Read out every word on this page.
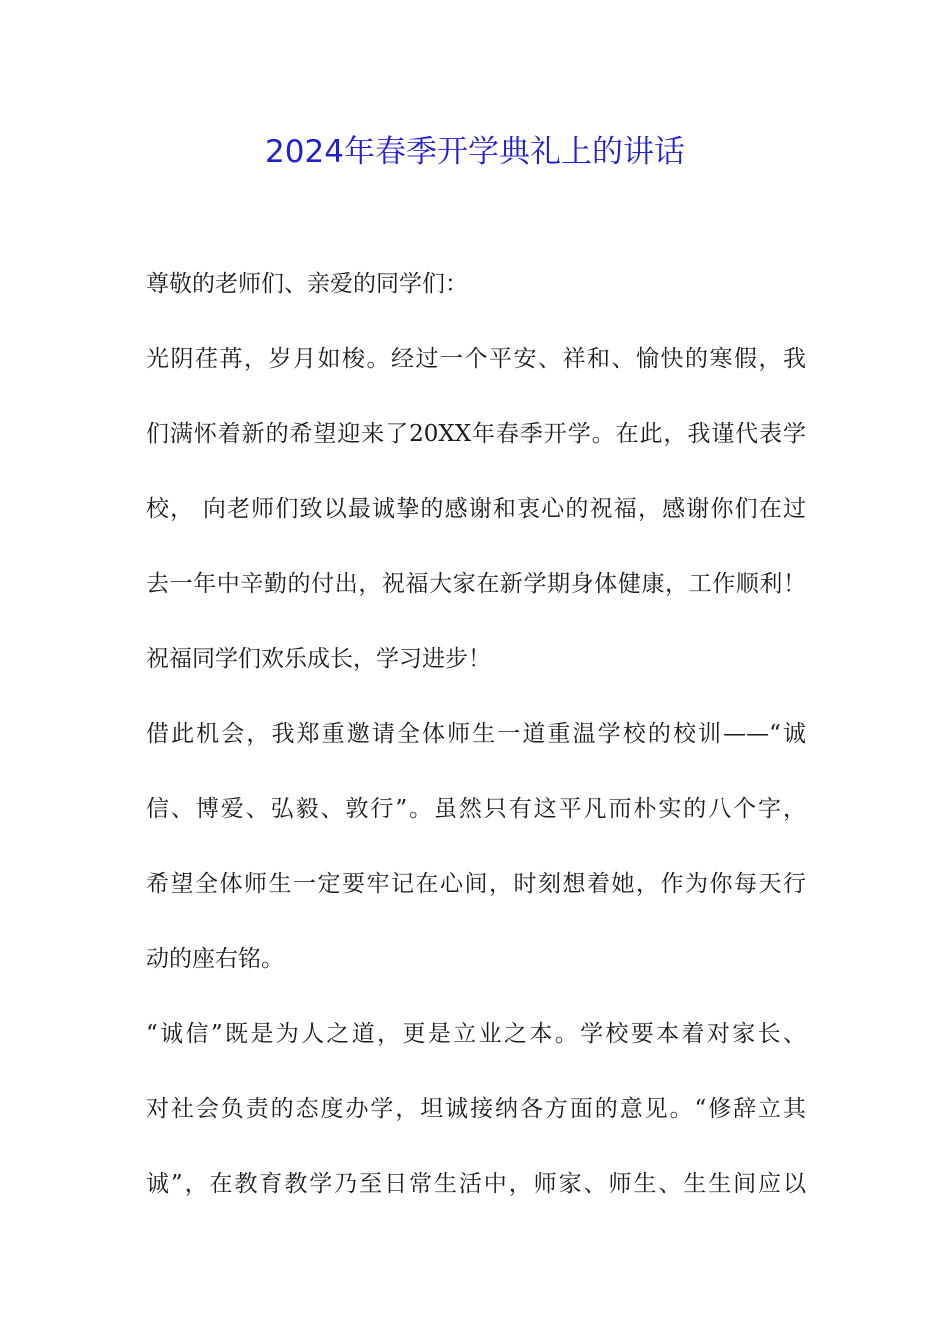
2024年春季开学典礼上的讲话

尊敬的老师们、亲爱的同学们：

光阴荏苒，岁月如梭。经过一个平安、祥和、愉快的寒假，我

们满怀着新的希望迎来了20XX年春季开学。在此，我谨代表学

校， 向老师们致以最诚挚的感谢和衷心的祝福，感谢你们在过

去一年中辛勤的付出，祝福大家在新学期身体健康，工作顺利！

祝福同学们欢乐成长，学习进步！

借此机会，我郑重邀请全体师生一道重温学校的校训——“诚

信、博爱、弘毅、敦行”。虽然只有这平凡而朴实的八个字，

希望全体师生一定要牢记在心间，时刻想着她，作为你每天行

动的座右铭。

“诚信”既是为人之道，更是立业之本。学校要本着对家长、

对社会负责的态度办学，坦诚接纳各方面的意见。“修辞立其

诚”，在教育教学乃至日常生活中，师家、师生、生生间应以
